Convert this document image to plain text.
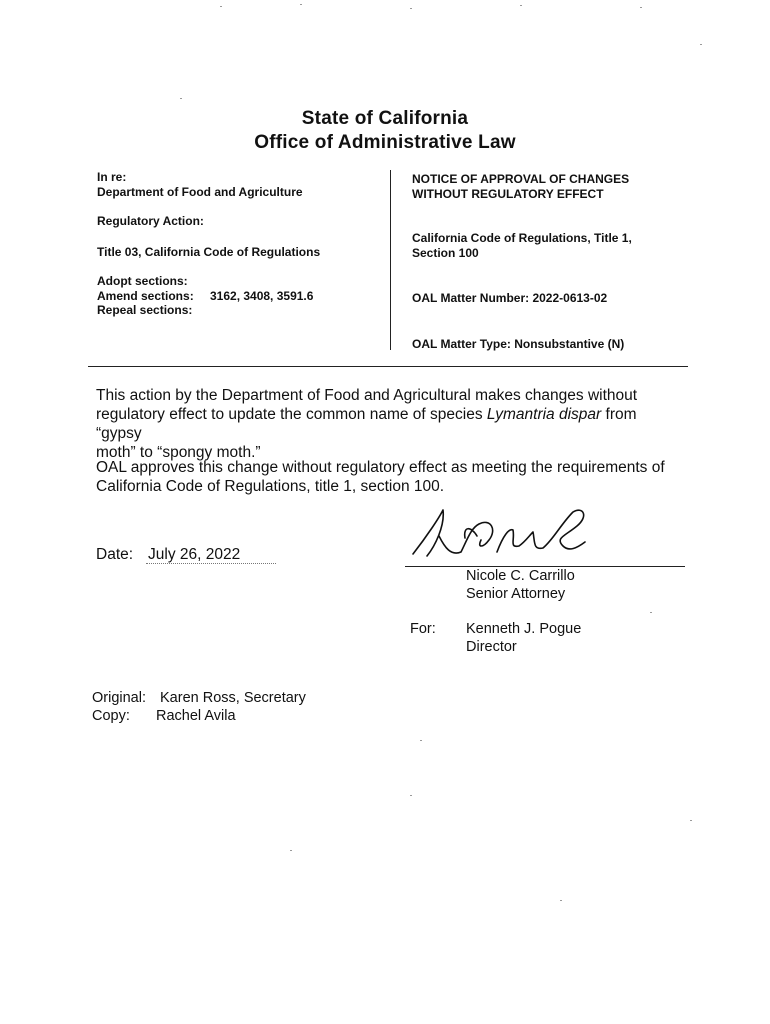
State of California
Office of Administrative Law
In re:
Department of Food and Agriculture
Regulatory Action:
Title 03, California Code of Regulations
Adopt sections:
Amend sections: 3162, 3408, 3591.6
Repeal sections:
NOTICE OF APPROVAL OF CHANGES
WITHOUT REGULATORY EFFECT
California Code of Regulations, Title 1,
Section 100
OAL Matter Number: 2022-0613-02
OAL Matter Type: Nonsubstantive (N)
This action by the Department of Food and Agricultural makes changes without
regulatory effect to update the common name of species Lymantria dispar from “gypsy
moth” to “spongy moth.”
OAL approves this change without regulatory effect as meeting the requirements of
California Code of Regulations, title 1, section 100.
Date: July 26, 2022
Nicole C. Carrillo
Senior Attorney
For: Kenneth J. Pogue
Director
Original: Karen Ross, Secretary
Copy: Rachel Avila
